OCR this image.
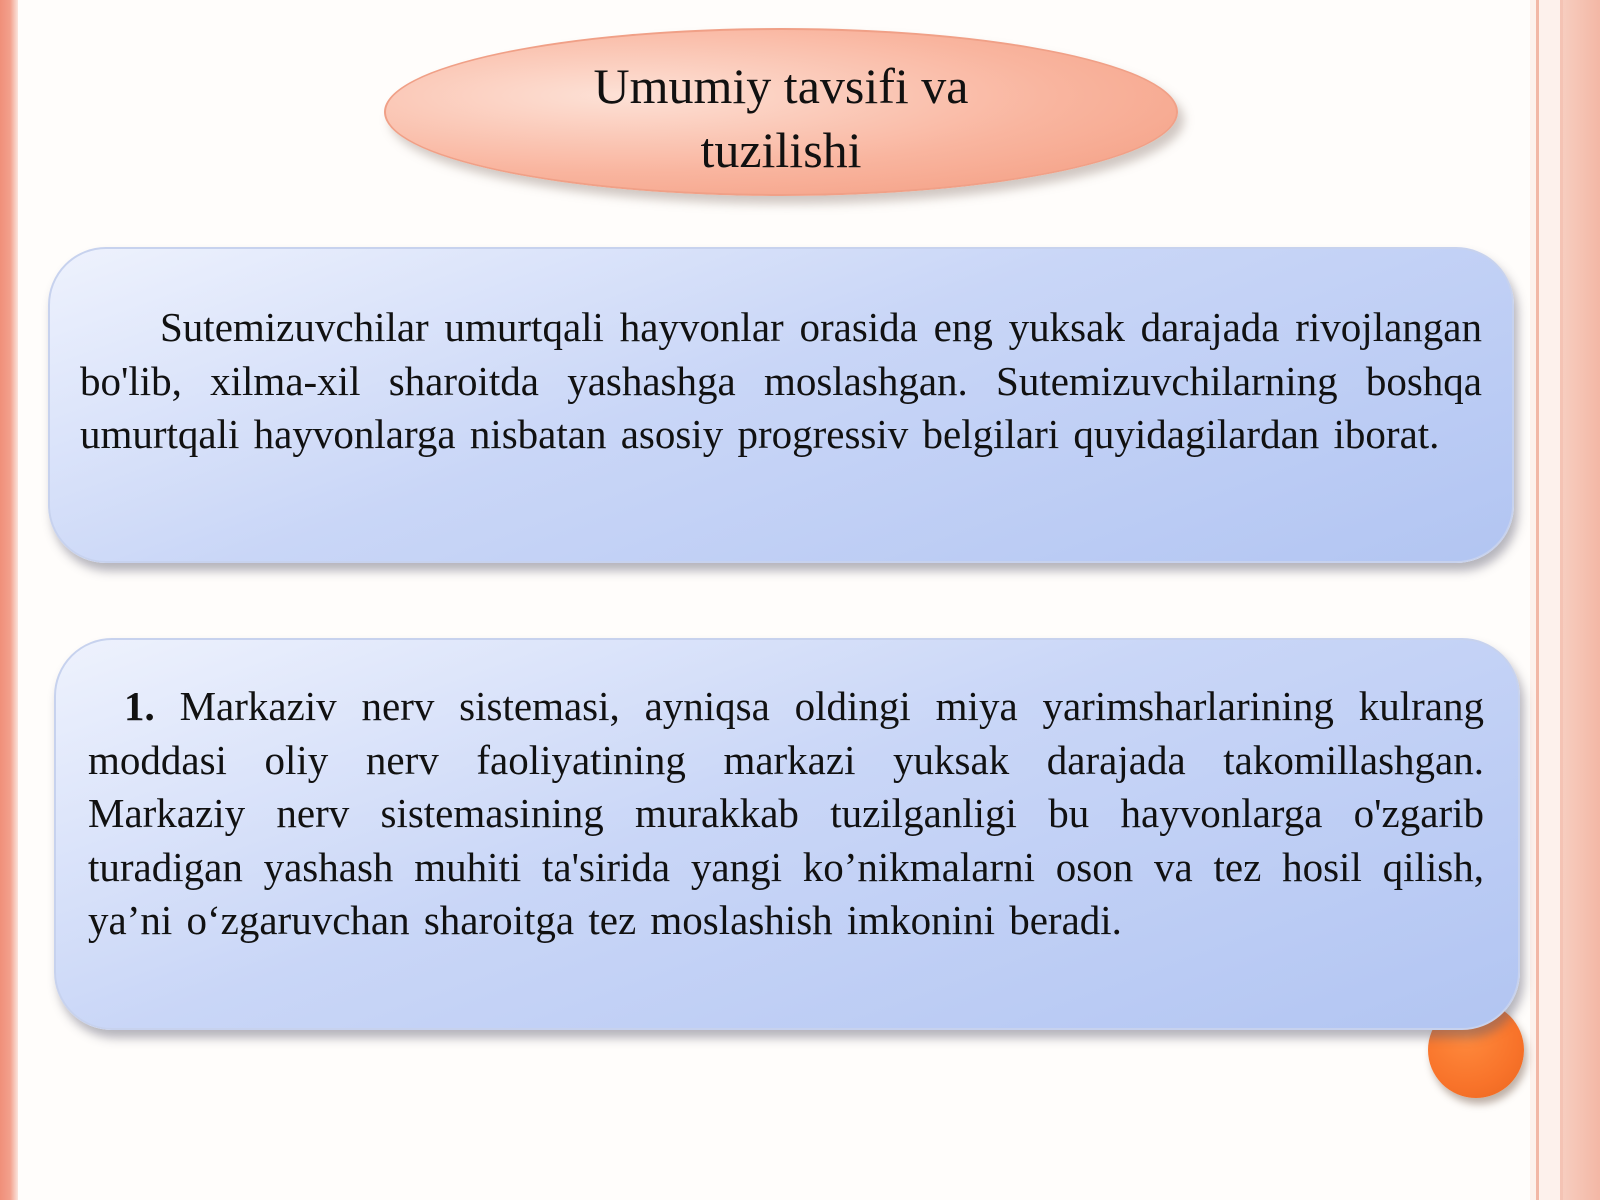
Umumiy tavsifi va
tuzilishi
Sutemizuvchilar umurtqali hayvonlar orasida eng yuksak darajada rivojlangan bo'lib, xilma-xil sharoitda yashashga moslashgan. Sutemizuvchilarning boshqa umurtqali hayvonlarga nisbatan asosiy progressiv belgilari quyidagilardan iborat.
1. Markaziv nerv sistemasi, ayniqsa oldingi miya yarimsharlarining kulrang moddasi oliy nerv faoliyatining markazi yuksak darajada takomillashgan. Markaziy nerv sistemasining murakkab tuzilganligi bu hayvonlarga o'zgarib turadigan yashash muhiti ta'sirida yangi ko’nikmalarni oson va tez hosil qilish, ya’ni o‘zgaruvchan sharoitga tez moslashish imkonini beradi.
